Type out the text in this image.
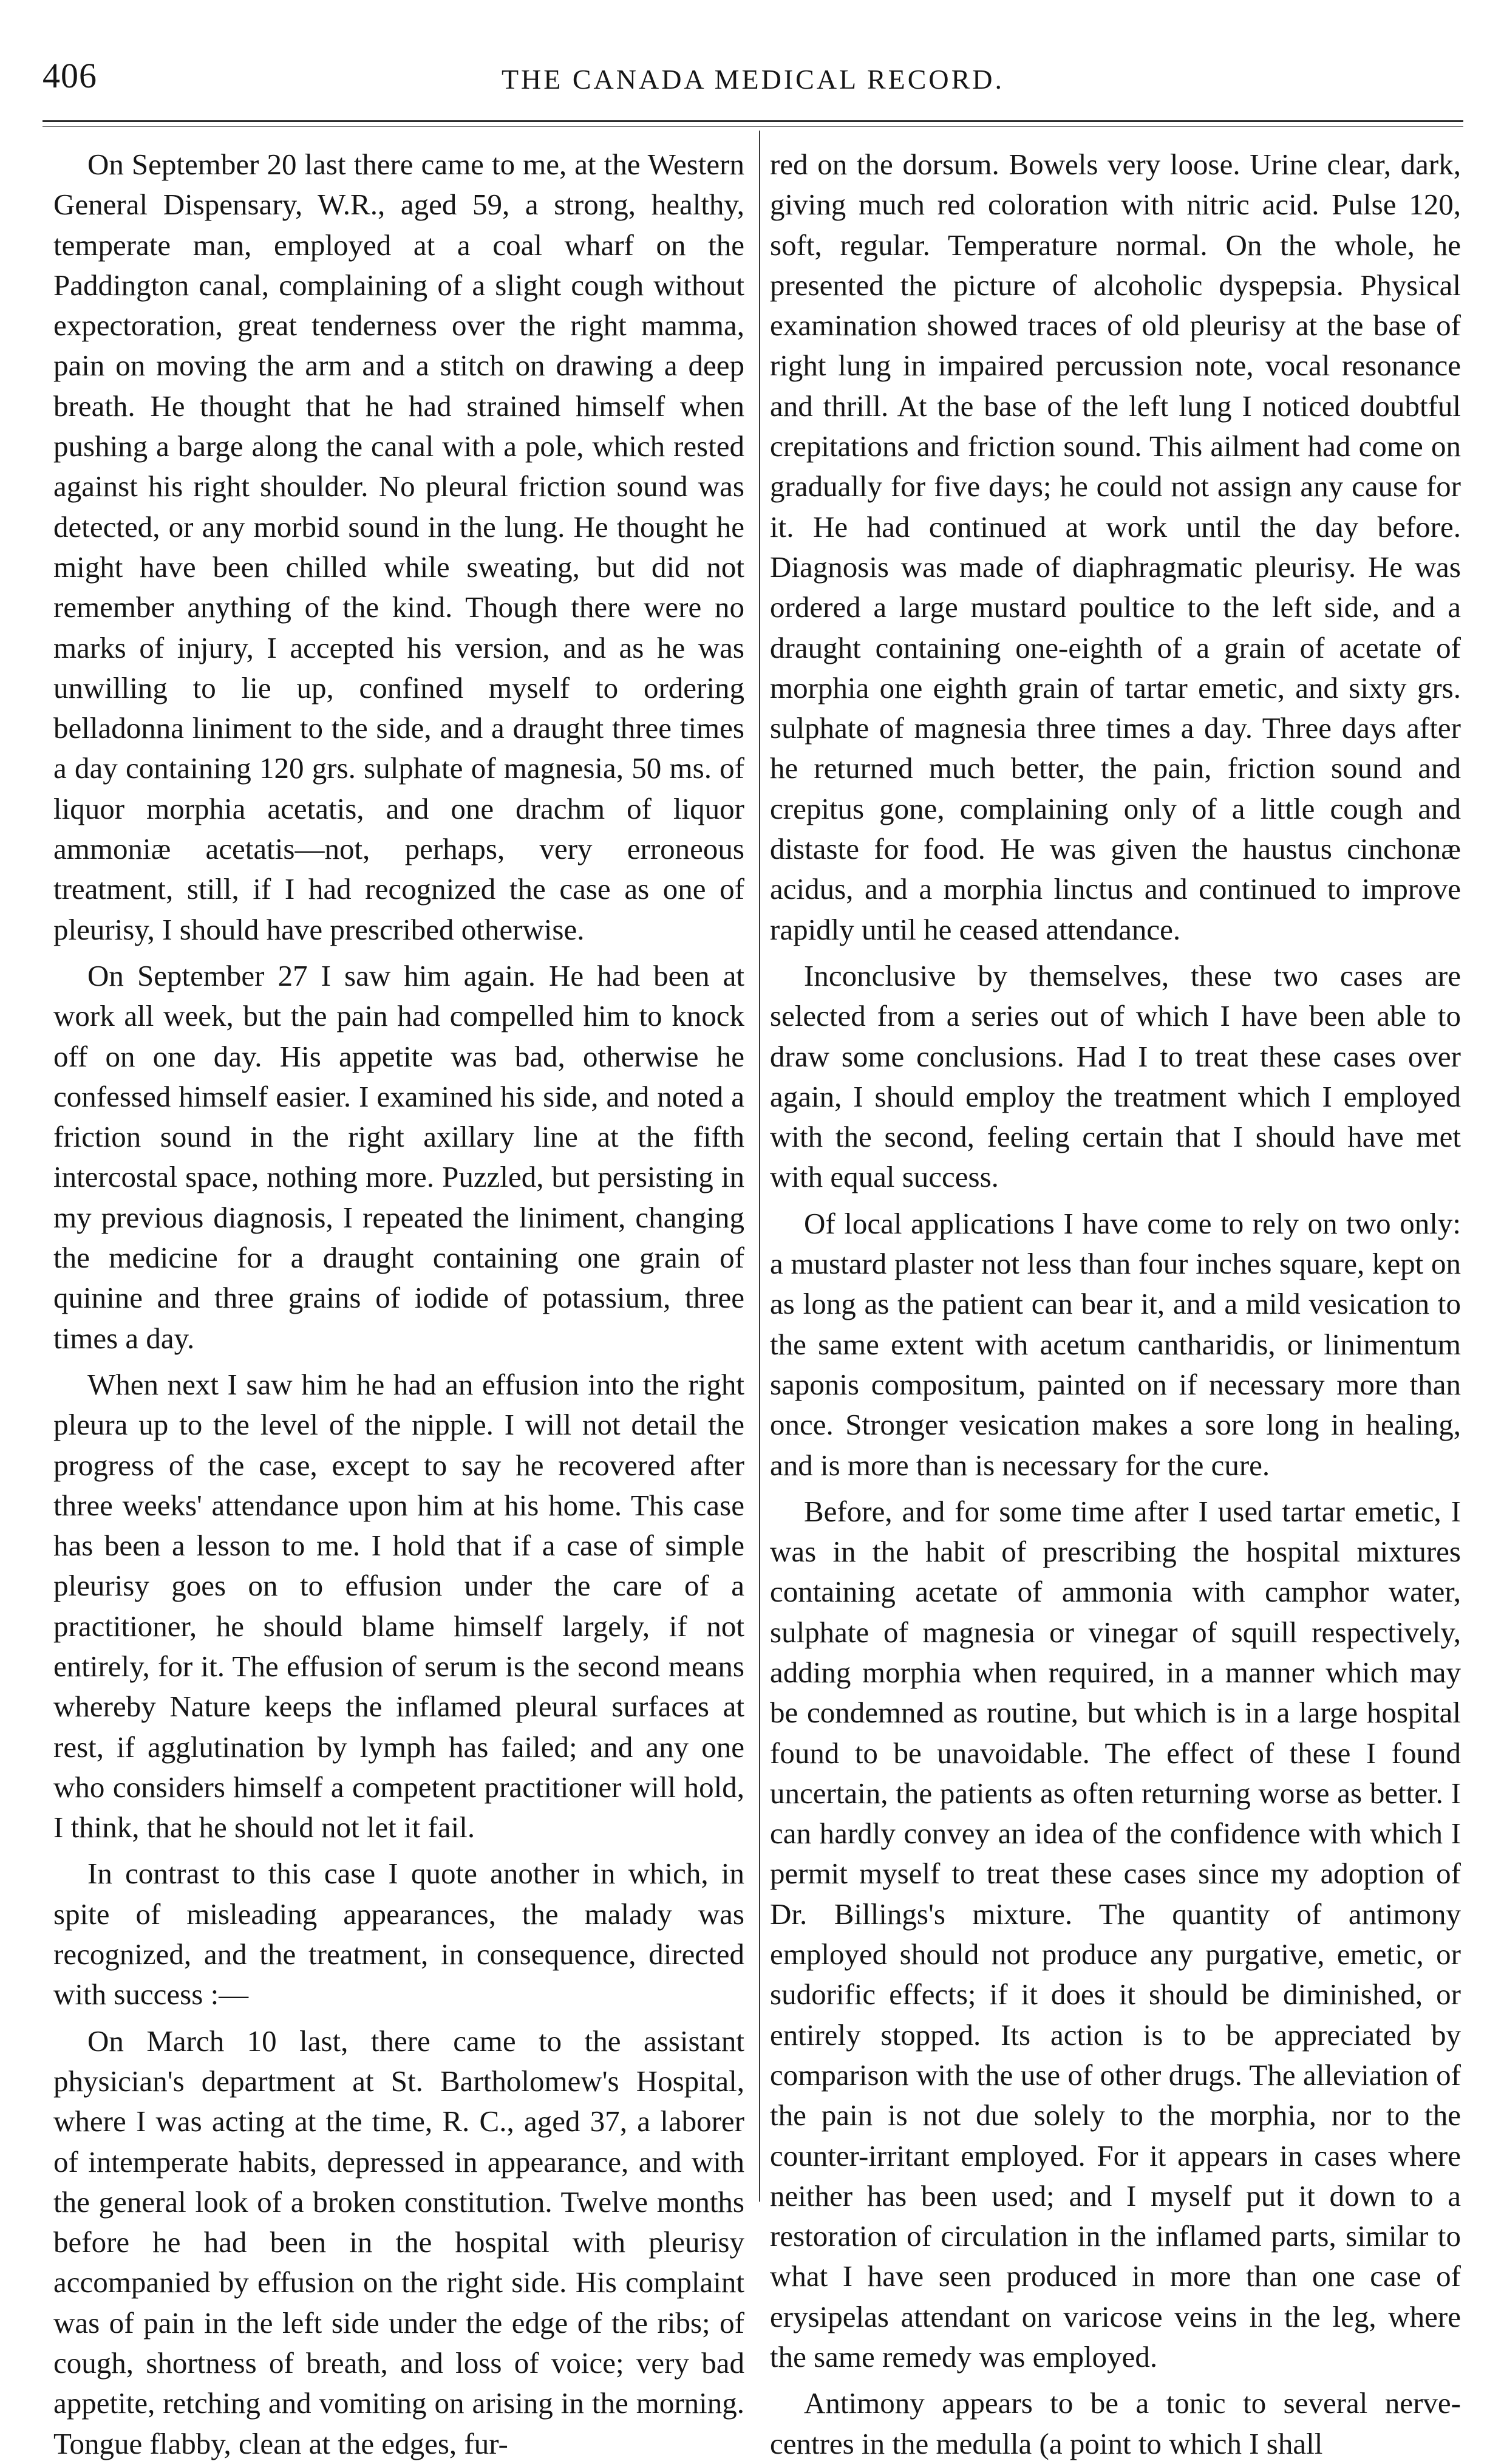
406	THE CANADA MEDICAL RECORD.

On September 20 last there came to me, at the Western General Dispensary, W.R., aged 59, a strong, healthy, temperate man, employed at a coal wharf on the Paddington canal, complaining of a slight cough without expectoration, great tenderness over the right mamma, pain on moving the arm and a stitch on drawing a deep breath. He thought that he had strained himself when pushing a barge along the canal with a pole, which rested against his right shoulder. No pleural friction sound was detected, or any morbid sound in the lung. He thought he might have been chilled while sweating, but did not remember anything of the kind. Though there were no marks of injury, I accepted his version, and as he was unwilling to lie up, confined myself to ordering belladonna liniment to the side, and a draught three times a day containing 120 grs. sulphate of magnesia, 50 ms. of liquor morphia acetatis, and one drachm of liquor ammoniæ acetatis—not, perhaps, very erroneous treatment, still, if I had recognized the case as one of pleurisy, I should have prescribed otherwise.

On September 27 I saw him again. He had been at work all week, but the pain had compelled him to knock off on one day. His appetite was bad, otherwise he confessed himself easier. I examined his side, and noted a friction sound in the right axillary line at the fifth intercostal space, nothing more. Puzzled, but persisting in my previous diagnosis, I repeated the liniment, changing the medicine for a draught containing one grain of quinine and three grains of iodide of potassium, three times a day.

When next I saw him he had an effusion into the right pleura up to the level of the nipple. I will not detail the progress of the case, except to say he recovered after three weeks' attendance upon him at his home. This case has been a lesson to me. I hold that if a case of simple pleurisy goes on to effusion under the care of a practitioner, he should blame himself largely, if not entirely, for it. The effusion of serum is the second means whereby Nature keeps the inflamed pleural surfaces at rest, if agglutination by lymph has failed; and any one who considers himself a competent practitioner will hold, I think, that he should not let it fail.

In contrast to this case I quote another in which, in spite of misleading appearances, the malady was recognized, and the treatment, in consequence, directed with success :—

On March 10 last, there came to the assistant physician's department at St. Bartholomew's Hospital, where I was acting at the time, R. C., aged 37, a laborer of intemperate habits, depressed in appearance, and with the general look of a broken constitution. Twelve months before he had been in the hospital with pleurisy accompanied by effusion on the right side. His complaint was of pain in the left side under the edge of the ribs; of cough, shortness of breath, and loss of voice; very bad appetite, retching and vomiting on arising in the morning. Tongue flabby, clean at the edges, fur-

red on the dorsum. Bowels very loose. Urine clear, dark, giving much red coloration with nitric acid. Pulse 120, soft, regular. Temperature normal. On the whole, he presented the picture of alcoholic dyspepsia. Physical examination showed traces of old pleurisy at the base of right lung in impaired percussion note, vocal resonance and thrill. At the base of the left lung I noticed doubtful crepitations and friction sound. This ailment had come on gradually for five days; he could not assign any cause for it. He had continued at work until the day before. Diagnosis was made of diaphragmatic pleurisy. He was ordered a large mustard poultice to the left side, and a draught containing one-eighth of a grain of acetate of morphia one eighth grain of tartar emetic, and sixty grs. sulphate of magnesia three times a day. Three days after he returned much better, the pain, friction sound and crepitus gone, complaining only of a little cough and distaste for food. He was given the haustus cinchonæ acidus, and a morphia linctus and continued to improve rapidly until he ceased attendance.

Inconclusive by themselves, these two cases are selected from a series out of which I have been able to draw some conclusions. Had I to treat these cases over again, I should employ the treatment which I employed with the second, feeling certain that I should have met with equal success.

Of local applications I have come to rely on two only: a mustard plaster not less than four inches square, kept on as long as the patient can bear it, and a mild vesication to the same extent with acetum cantharidis, or linimentum saponis compositum, painted on if necessary more than once. Stronger vesication makes a sore long in healing, and is more than is necessary for the cure.

Before, and for some time after I used tartar emetic, I was in the habit of prescribing the hospital mixtures containing acetate of ammonia with camphor water, sulphate of magnesia or vinegar of squill respectively, adding morphia when required, in a manner which may be condemned as routine, but which is in a large hospital found to be unavoidable. The effect of these I found uncertain, the patients as often returning worse as better. I can hardly convey an idea of the confidence with which I permit myself to treat these cases since my adoption of Dr. Billings's mixture. The quantity of antimony employed should not produce any purgative, emetic, or sudorific effects; if it does it should be diminished, or entirely stopped. Its action is to be appreciated by comparison with the use of other drugs. The alleviation of the pain is not due solely to the morphia, nor to the counter-irritant employed. For it appears in cases where neither has been used; and I myself put it down to a restoration of circulation in the inflamed parts, similar to what I have seen produced in more than one case of erysipelas attendant on varicose veins in the leg, where the same remedy was employed.

Antimony appears to be a tonic to several nerve-centres in the medulla (a point to which I shall
